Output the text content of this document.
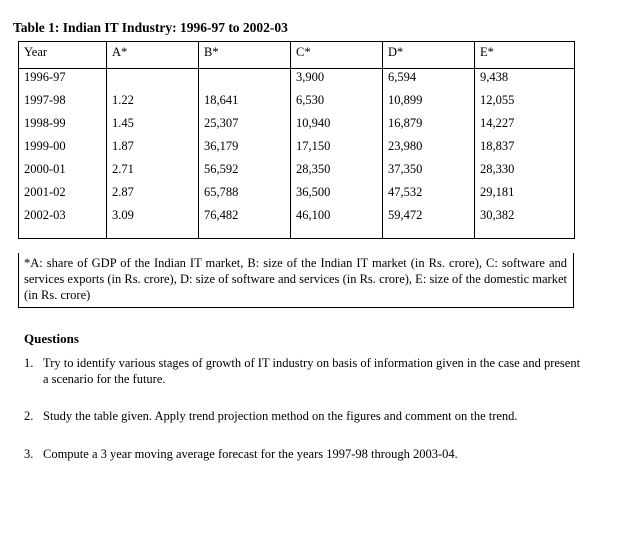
Table 1: Indian IT Industry: 1996-97 to 2002-03
Year	A*	B*	C*	D*	E*
1996-97			3,900	6,594	9,438
1997-98	1.22	18,641	6,530	10,899	12,055
1998-99	1.45	25,307	10,940	16,879	14,227
1999-00	1.87	36,179	17,150	23,980	18,837
2000-01	2.71	56,592	28,350	37,350	28,330
2001-02	2.87	65,788	36,500	47,532	29,181
2002-03	3.09	76,482	46,100	59,472	30,382
*A: share of GDP of the Indian IT market, B: size of the Indian IT market (in Rs. crore), C: software and services exports (in Rs. crore), D: size of software and services (in Rs. crore), E: size of the domestic market (in Rs. crore)
Questions
1. Try to identify various stages of growth of IT industry on basis of information given in the case and present a scenario for the future.
2. Study the table given. Apply trend projection method on the figures and comment on the trend.
3. Compute a 3 year moving average forecast for the years 1997-98 through 2003-04.
